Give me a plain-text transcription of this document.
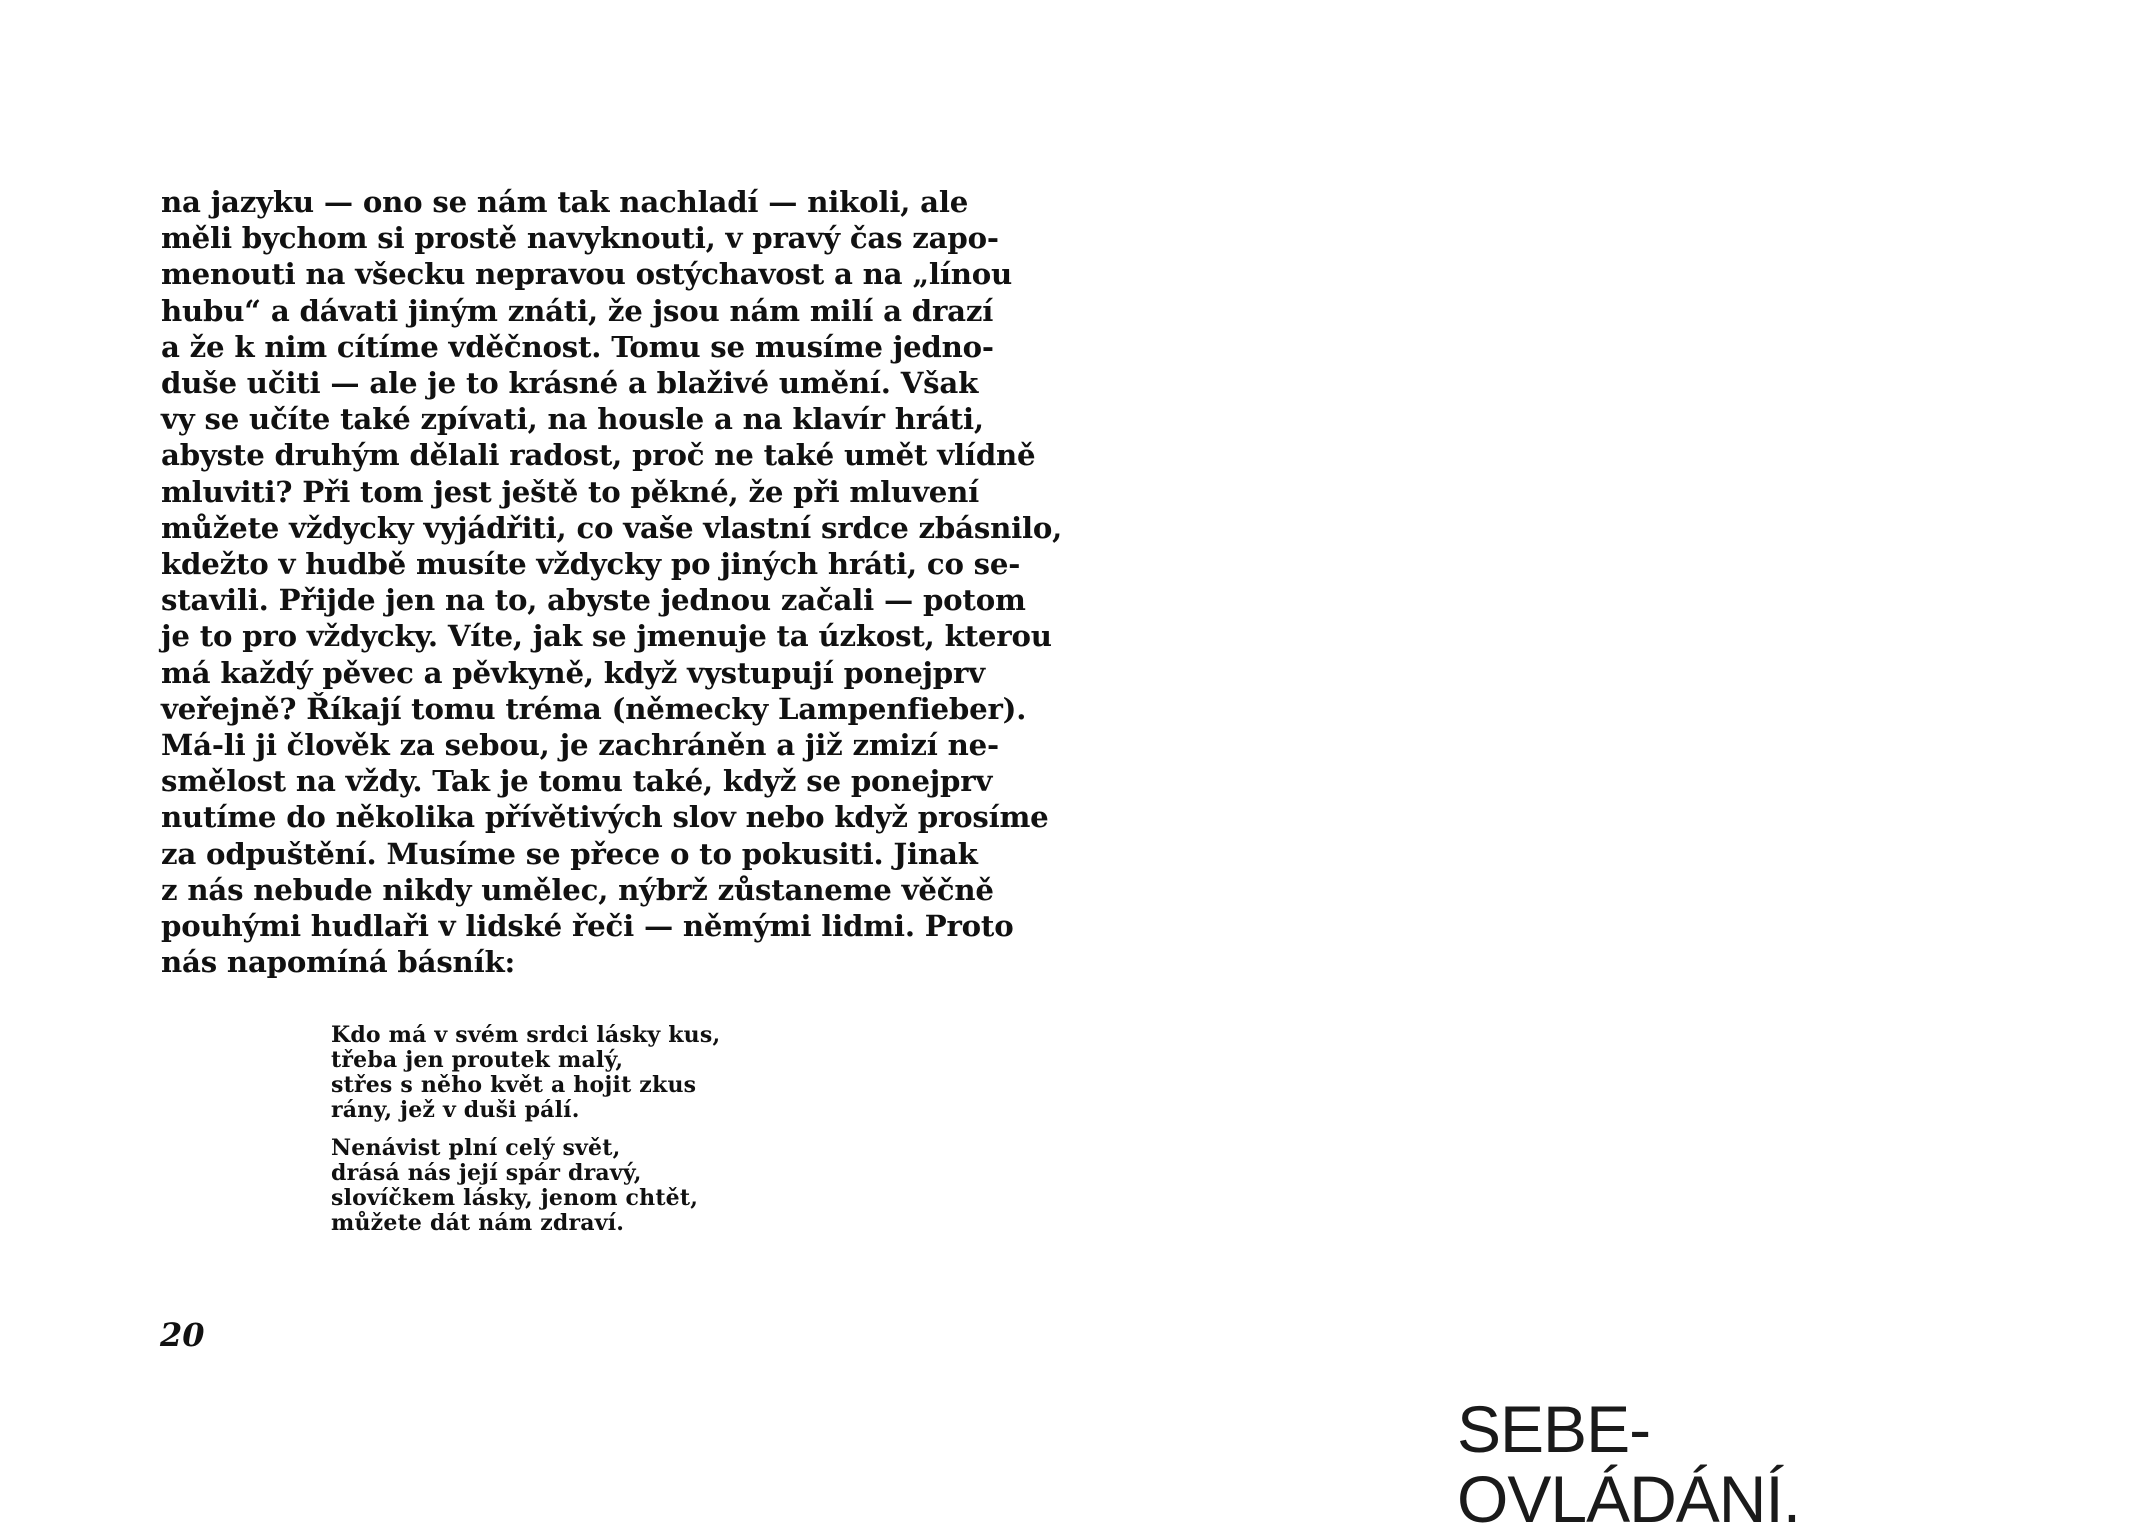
na jazyku — ono se nám tak nachladí — nikoli, ale
měli bychom si prostě navyknouti, v pravý čas zapo-
menouti na všecku nepravou ostýchavost a na „línou
hubu“ a dávati jiným znáti, že jsou nám milí a drazí
a že k nim cítíme vděčnost. Tomu se musíme jedno-
duše učiti — ale je to krásné a blaživé umění. Však
vy se učíte také zpívati, na housle a na klavír hráti,
abyste druhým dělali radost, proč ne také umět vlídně
mluviti? Při tom jest ještě to pěkné, že při mluvení
můžete vždycky vyjádřiti, co vaše vlastní srdce zbásnilo,
kdežto v hudbě musíte vždycky po jiných hráti, co se-
stavili. Přijde jen na to, abyste jednou začali — potom
je to pro vždycky. Víte, jak se jmenuje ta úzkost, kterou
má každý pěvec a pěvkyně, když vystupují ponejprv
veřejně? Říkají tomu tréma (německy Lampenfieber).
Má-li ji člověk za sebou, je zachráněn a již zmizí ne-
smělost na vždy. Tak je tomu také, když se ponejprv
nutíme do několika přívětivých slov nebo když prosíme
za odpuštění. Musíme se přece o to pokusiti. Jinak
z nás nebude nikdy umělec, nýbrž zůstaneme věčně
pouhými hudlaři v lidské řeči — němými lidmi. Proto
nás napomíná básník:
Kdo má v svém srdci lásky kus,
třeba jen proutek malý,
střes s něho květ a hojit zkus
rány, jež v duši pálí.
Nenávist plní celý svět,
drásá nás její spár dravý,
slovíčkem lásky, jenom chtět,
můžete dát nám zdraví.
20
SEBE-
OVLÁDÁNÍ.
